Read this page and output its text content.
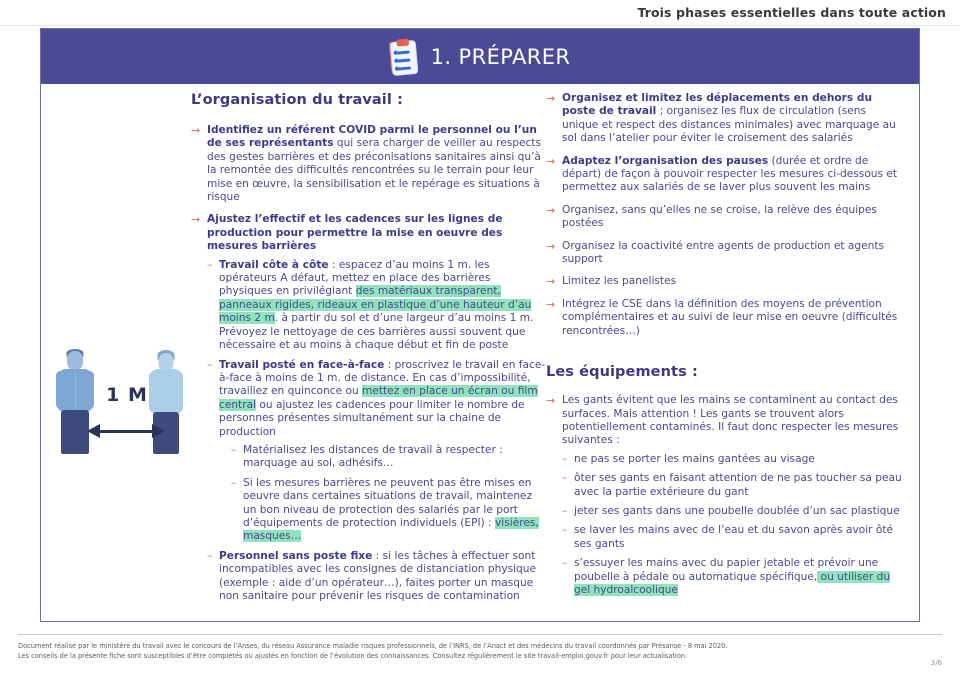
Trois phases essentielles dans toute action
1. PRÉPARER
1 M
L’organisation du travail :
→ Identifiez un référent COVID parmi le personnel ou l’un de ses représentants qui sera charger de veiller au respects des gestes barrières et des préconisations sanitaires ainsi qu’à la remontée des difficultés rencontrées su le terrain pour leur mise en œuvre, la sensibilisation et le repérage es situations à risque
→ Ajustez l’effectif et les cadences sur les lignes de production pour permettre la mise en oeuvre des mesures barrières
– Travail côte à côte : espacez d’au moins 1 m. les opérateurs A défaut, mettez en place des barrières physiques en privilégiant des matériaux transparent, panneaux rigides, rideaux en plastique d’une hauteur d’au moins 2 m. à partir du sol et d’une largeur d’au moins 1 m. Prévoyez le nettoyage de ces barrières aussi souvent que nécessaire et au moins à chaque début et fin de poste
– Travail posté en face-à-face : proscrivez le travail en face-à-face à moins de 1 m. de distance. En cas d’impossibilité, travaillez en quinconce ou mettez en place un écran ou film central ou ajustez les cadences pour limiter le nombre de personnes présentes simultanément sur la chaine de production
– Matérialisez les distances de travail à respecter : marquage au sol, adhésifs…
– Si les mesures barrières ne peuvent pas être mises en oeuvre dans certaines situations de travail, maintenez un bon niveau de protection des salariés par le port d’équipements de protection individuels (EPI) : visières, masques…
– Personnel sans poste fixe : si les tâches à effectuer sont incompatibles avec les consignes de distanciation physique (exemple : aide d’un opérateur…), faites porter un masque non sanitaire pour prévenir les risques de contamination
→ Organisez et limitez les déplacements en dehors du poste de travail ; organisez les flux de circulation (sens unique et respect des distances minimales) avec marquage au sol dans l’atelier pour éviter le croisement des salariés
→ Adaptez l’organisation des pauses (durée et ordre de départ) de façon à pouvoir respecter les mesures ci-dessous et permettez aux salariés de se laver plus souvent les mains
→ Organisez, sans qu’elles ne se croise, la relève des équipes postées
→ Organisez la coactivité entre agents de production et agents support
→ Limitez les panelistes
→ Intégrez le CSE dans la définition des moyens de prévention complémentaires et au suivi de leur mise en oeuvre (difficultés rencontrées…)
Les équipements :
→ Les gants évitent que les mains se contaminent au contact des surfaces. Mais attention ! Les gants se trouvent alors potentiellement contaminés. Il faut donc respecter les mesures suivantes :
– ne pas se porter les mains gantées au visage
– ôter ses gants en faisant attention de ne pas toucher sa peau avec la partie extérieure du gant
– jeter ses gants dans une poubelle doublée d’un sac plastique
– se laver les mains avec de l’eau et du savon après avoir ôté ses gants
– s’essuyer les mains avec du papier jetable et prévoir une poubelle à pédale ou automatique spécifique, ou utiliser du gel hydroalcoolique
Document réalisé par le ministère du travail avec le concours de l’Anses, du réseau Assurance maladie risques professionnels, de l’INRS, de l’Anact et des médecins du travail coordonnés par Présanse - 8 mai 2020.
Les conseils de la présente fiche sont susceptibles d’être complétés ou ajustés en fonction de l’évolution des connaissances. Consultez régulièrement le site travail-emploi.gouv.fr pour leur actualisation.
3/6
